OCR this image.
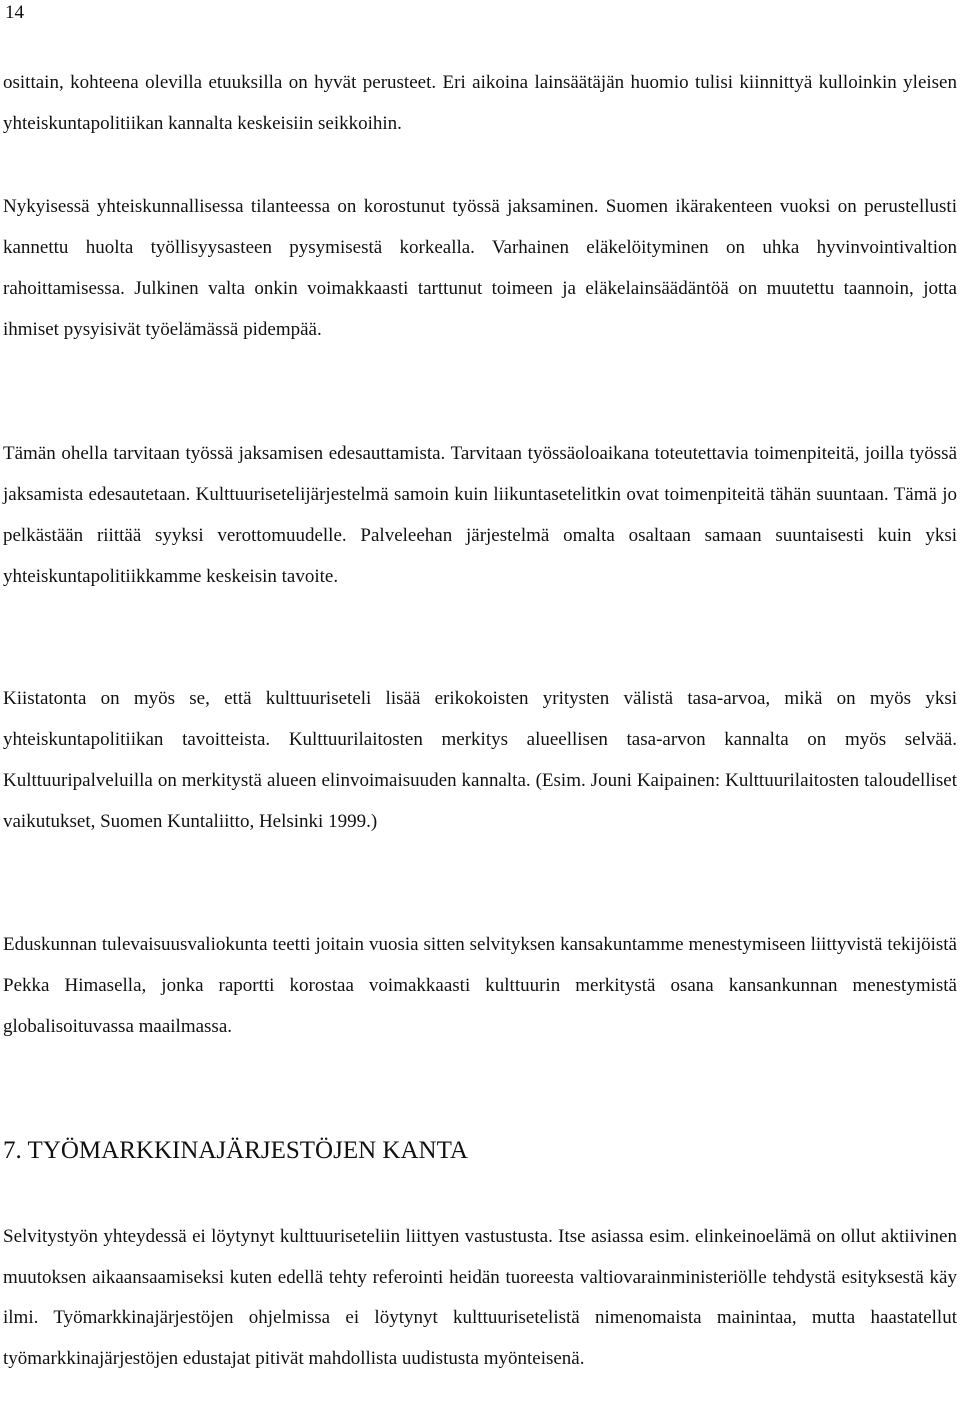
14

osittain, kohteena olevilla etuuksilla on hyvät perusteet. Eri aikoina lainsäätäjän huomio tulisi kiinnittyä kulloinkin yleisen yhteiskuntapolitiikan kannalta keskeisiin seikkoihin.

Nykyisessä yhteiskunnallisessa tilanteessa on korostunut työssä jaksaminen. Suomen ikärakenteen vuoksi on perustellusti kannettu huolta työllisyysasteen pysymisestä korkealla. Varhainen eläkelöityminen on uhka hyvinvointivaltion rahoittamisessa. Julkinen valta onkin voimakkaasti tarttunut toimeen ja eläkelainsäädäntöä on muutettu taannoin, jotta ihmiset pysyisivät työelämässä pidempää.

Tämän ohella tarvitaan työssä jaksamisen edesauttamista. Tarvitaan työssäoloaikana toteutettavia toimenpiteitä, joilla työssä jaksamista edesautetaan. Kulttuurisetelijärjestelmä samoin kuin liikuntasetelitkin ovat toimenpiteitä tähän suuntaan. Tämä jo pelkästään riittää syyksi verottomuudelle. Palveleehan järjestelmä omalta osaltaan samaan suuntaisesti kuin yksi yhteiskuntapolitiikkamme keskeisin tavoite.

Kiistatonta on myös se, että kulttuuriseteli lisää erikokoisten yritysten välistä tasa-arvoa, mikä on myös yksi yhteiskuntapolitiikan tavoitteista. Kulttuurilaitosten merkitys alueellisen tasa-arvon kannalta on myös selvää. Kulttuuripalveluilla on merkitystä alueen elinvoimaisuuden kannalta. (Esim. Jouni Kaipainen: Kulttuurilaitosten taloudelliset vaikutukset, Suomen Kuntaliitto, Helsinki 1999.)

Eduskunnan tulevaisuusvaliokunta teetti joitain vuosia sitten selvityksen kansakuntamme menestymiseen liittyvistä tekijöistä Pekka Himasella, jonka raportti korostaa voimakkaasti kulttuurin merkitystä osana kansankunnan menestymistä globalisoituvassa maailmassa.

7. TYÖMARKKINAJÄRJESTÖJEN KANTA

Selvitystyön yhteydessä ei löytynyt kulttuuriseteliin liittyen vastustusta. Itse asiassa esim. elinkeinoelämä on ollut aktiivinen muutoksen aikaansaamiseksi kuten edellä tehty referointi heidän tuoreesta valtiovarainministeriölle tehdystä esityksestä käy ilmi. Työmarkkinajärjestöjen ohjelmissa ei löytynyt kulttuurisetelistä nimenomaista mainintaa, mutta haastatellut työmarkkinajärjestöjen edustajat pitivät mahdollista uudistusta myönteisenä.
